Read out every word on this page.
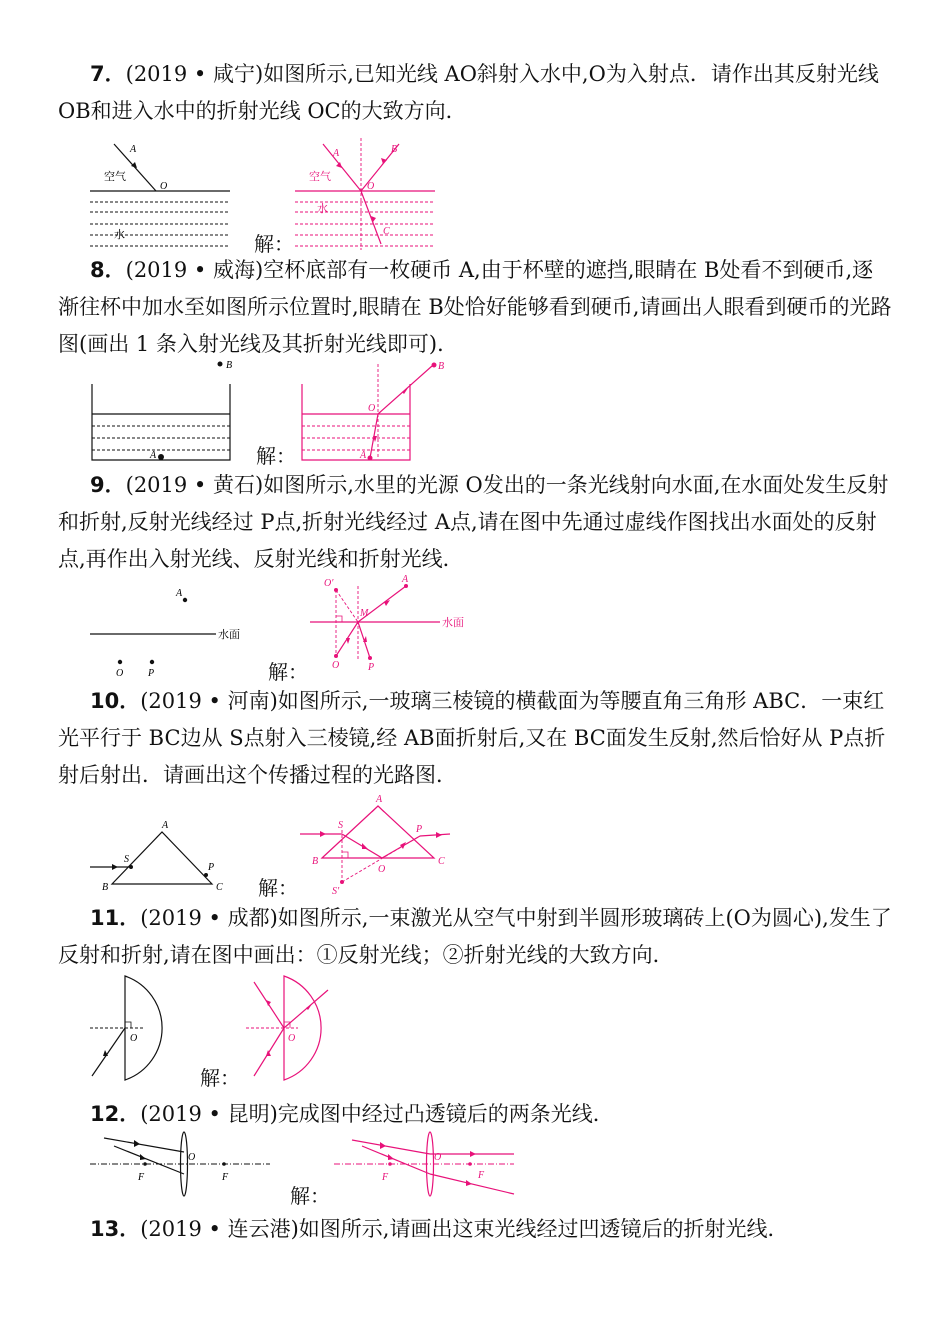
7．(2019 • 咸宁)如图所示,已知光线 AO斜射入水中,O为入射点．请作出其反射光线 OB和进入水中的折射光线 OC的大致方向．

A
O
空气
水	解：
A	B
O
C
空气
水

8．(2019 • 威海)空杯底部有一枚硬币 A,由于杯壁的遮挡,眼睛在 B处看不到硬币,逐渐往杯中加水至如图所示位置时,眼睛在 B处恰好能够看到硬币,请画出人眼看到硬币的光路图(画出 1 条入射光线及其折射光线即可)．

A
B
解：	A
B
O

9．(2019 • 黄石)如图所示,水里的光源 O发出的一条光线射向水面,在水面处发生反射和折射,反射光线经过 P点,折射光线经过 A点,请在图中先通过虚线作图找出水面处的反射点,再作出入射光线、反射光线和折射光线．

A
水面
O P	解：
水面
O′
M
A
O	P

10．(2019 • 河南)如图所示,一玻璃三棱镜的横截面为等腰直角三角形 ABC．一束红光平行于 BC边从 S点射入三棱镜,经 AB面折射后,又在 BC面发生反射,然后恰好从 P点折射后射出．请画出这个传播过程的光路图．

S
P
A
B	C 解：	S′
S	P
O
A
B	C

11．(2019 • 成都)如图所示,一束激光从空气中射到半圆形玻璃砖上(O为圆心),发生了反射和折射,请在图中画出：①反射光线；②折射光线的大致方向．

O
解：
O

12．(2019 • 昆明)完成图中经过凸透镜后的两条光线．

F	F
O
解：
F	F
O

13．(2019 • 连云港)如图所示,请画出这束光线经过凹透镜后的折射光线．
